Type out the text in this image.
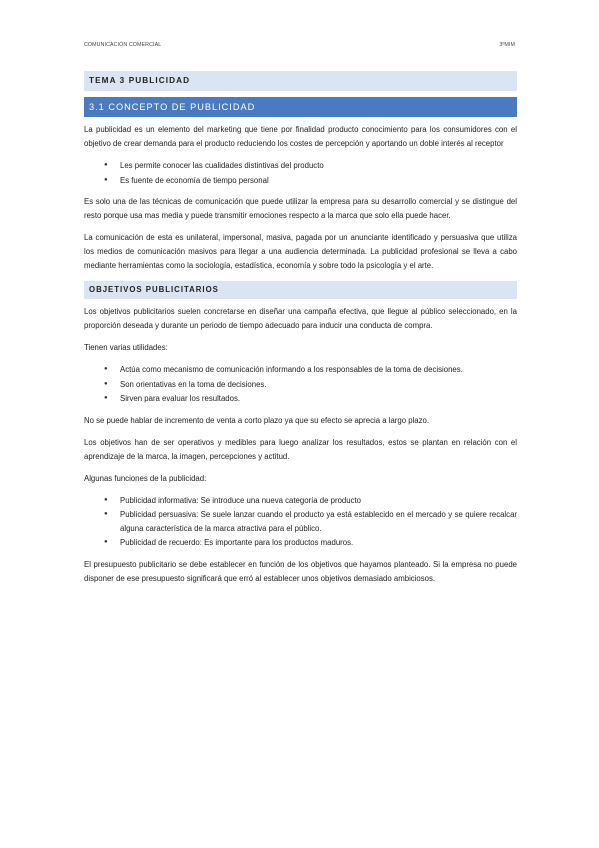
COMUNICACIÓN COMERCIAL	3ºMIM
TEMA 3 PUBLICIDAD
3.1 CONCEPTO DE PUBLICIDAD

La publicidad es un elemento del marketing que tiene por finalidad producto conocimiento para los consumidores con el objetivo de crear demanda para el producto reduciendo los costes de percepción y aportando un doble interés al receptor

● Les permite conocer las cualidades distintivas del producto
● Es fuente de economía de tiempo personal

Es solo una de las técnicas de comunicación que puede utilizar la empresa para su desarrollo comercial y se distingue del resto porque usa mas media y puede transmitir emociones respecto a la marca que solo ella puede hacer.

La comunicación de esta es unilateral, impersonal, masiva, pagada por un anunciante identificado y persuasiva que utiliza los medios de comunicación masivos para llegar a una audiencia determinada. La publicidad profesional se lleva a cabo mediante herramientas como la sociología, estadística, economía y sobre todo la psicología y el arte.

OBJETIVOS PUBLICITARIOS

Los objetivos publicitarios suelen concretarse en diseñar una campaña efectiva, que llegue al público seleccionado, en la proporción deseada y durante un periodo de tiempo adecuado para inducir una conducta de compra.

Tienen varias utilidades:

● Actúa como mecanismo de comunicación informando a los responsables de la toma de decisiones.
● Son orientativas en la toma de decisiones.
● Sirven para evaluar los resultados.

No se puede hablar de incremento de venta a corto plazo ya que su efecto se aprecia a largo plazo.

Los objetivos han de ser operativos y medibles para luego analizar los resultados, estos se plantan en relación con el aprendizaje de la marca, la imagen, percepciones y actitud.

Algunas funciones de la publicidad:

● Publicidad informativa: Se introduce una nueva categoría de producto
● Publicidad persuasiva: Se suele lanzar cuando el producto ya está establecido en el mercado y se quiere recalcar alguna característica de la marca atractiva para el público.
● Publicidad de recuerdo: Es importante para los productos maduros.

El presupuesto publicitario se debe establecer en función de los objetivos que hayamos planteado. Si la empresa no puede disponer de ese presupuesto significará que erró al establecer unos objetivos demasiado ambiciosos.
